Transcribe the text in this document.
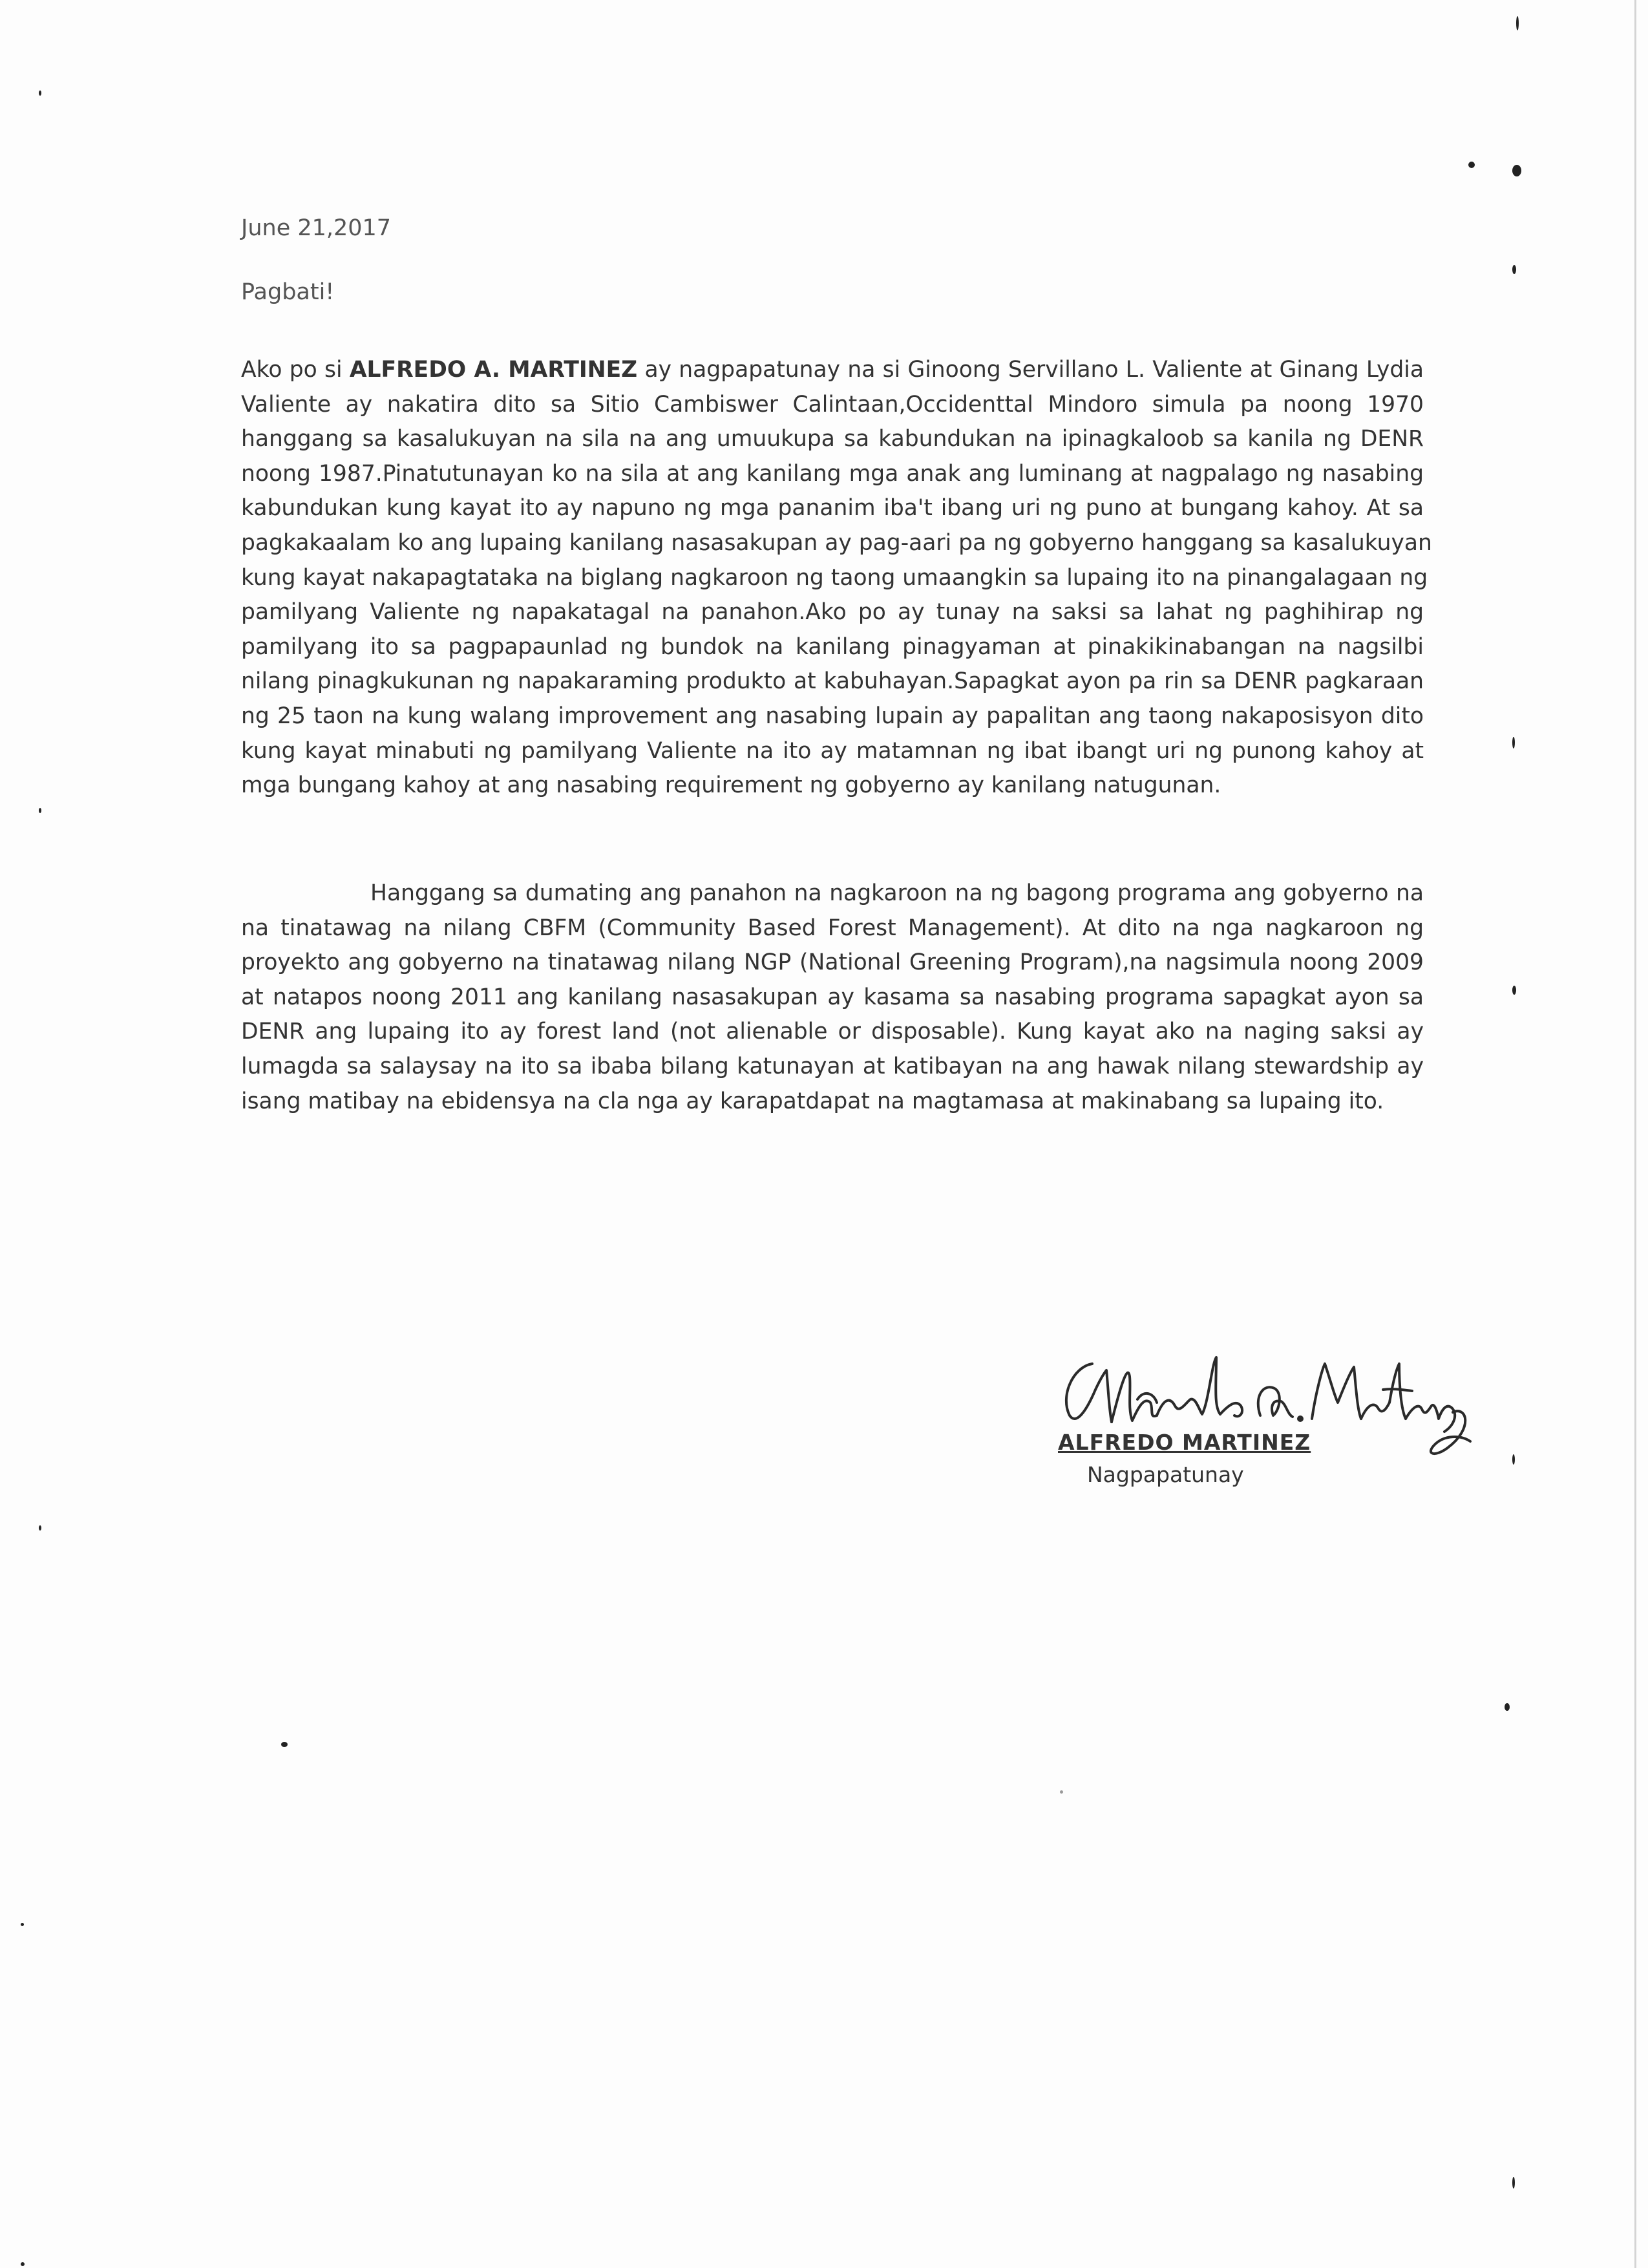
June 21,2017
Pagbati!
Ako po si ALFREDO A. MARTINEZ ay nagpapatunay na si Ginoong Servillano L. Valiente at Ginang Lydia
Valiente ay nakatira dito sa Sitio Cambiswer Calintaan,Occidenttal Mindoro simula pa noong 1970
hanggang sa kasalukuyan na sila na ang umuukupa sa kabundukan na ipinagkaloob sa kanila ng DENR
noong 1987.Pinatutunayan ko na sila at ang kanilang mga anak ang luminang at nagpalago ng nasabing
kabundukan kung kayat ito ay napuno ng mga pananim iba't ibang uri ng puno at bungang kahoy. At sa
pagkakaalam ko ang lupaing kanilang nasasakupan ay pag-aari pa ng gobyerno hanggang sa kasalukuyan
kung kayat nakapagtataka na biglang nagkaroon ng taong umaangkin sa lupaing ito na pinangalagaan ng
pamilyang Valiente ng napakatagal na panahon.Ako po ay tunay na saksi sa lahat ng paghihirap ng
pamilyang ito sa pagpapaunlad ng bundok na kanilang pinagyaman at pinakikinabangan na nagsilbi
nilang pinagkukunan ng napakaraming produkto at kabuhayan.Sapagkat ayon pa rin sa DENR pagkaraan
ng 25 taon na kung walang improvement ang nasabing lupain ay papalitan ang taong nakaposisyon dito
kung kayat minabuti ng pamilyang Valiente na ito ay matamnan ng ibat ibangt uri ng punong kahoy at
mga bungang kahoy at ang nasabing requirement ng gobyerno ay kanilang natugunan.
Hanggang sa dumating ang panahon na nagkaroon na ng bagong programa ang gobyerno na
na tinatawag na nilang CBFM (Community Based Forest Management). At dito na nga nagkaroon ng
proyekto ang gobyerno na tinatawag nilang NGP (National Greening Program),na nagsimula noong 2009
at natapos noong 2011 ang kanilang nasasakupan ay kasama sa nasabing programa sapagkat ayon sa
DENR ang lupaing ito ay forest land (not alienable or disposable). Kung kayat ako na naging saksi ay
lumagda sa salaysay na ito sa ibaba bilang katunayan at katibayan na ang hawak nilang stewardship ay
isang matibay na ebidensya na cla nga ay karapatdapat na magtamasa at makinabang sa lupaing ito.
ALFREDO MARTINEZ
Nagpapatunay
